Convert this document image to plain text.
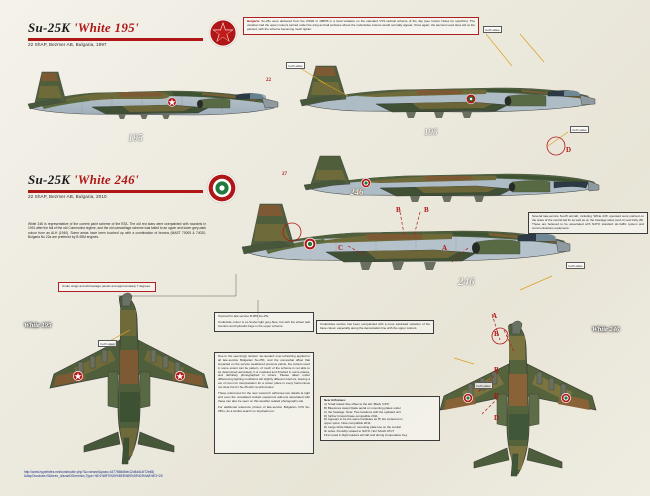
Su-25K 'White 195'
22 ShAP, Bezmer AB, Bulgaria, 1997
Bulgaria: Su-25s were delivered from the USSR in 1985/6 in a local variation on the standard VVS tactical scheme of the day (see Colour Notes for specifics). The variation had the upper colours carried under the wing and tail surfaces where the undersides colours would normally appear. Once again, the element used does tell us the painted, with the scheme becoming much lighter.
195
195
Su-25K 'White 246'
22 ShAP, Bezmer AB, Bulgaria, 2010
White 246 is representative of the current paint scheme of the BTA. The old red stars were overpainted with roundels in 1991 after the fall of the old Communist regime, and the old camouflage scheme was failed to an upper and lower grey-dark colour from an ALH (1940). Some areas have been touched up with a combination of browns (MAST 70005 & 74020, Bulgaria No 22a are preferred by B-95M engines.
246
246
White 195
White 246
both sides
both sides
both sides
both sides
both sides
both sides
22
27
D
B	B
C	A
A
B
B
D
D
Several late-service Su-25 aircraft, including 'White 246' operated were painted on the sides of the central tail fin as well as on the fuselage sides (at A-C) and belly (B). These are believed to be associated with NATO standard air-traffic system and communications equipment.
Under wings and aft fuselage panels and approximately 7 degrees.
Topcoat for late service B-95S Su-25s
Underside colour is ex-Soviet light grey-blue, but with the wheel well interiors and hydraulic bays in the upper scheme.	Undersides section has been overpainted with a more saturated variation of the base colour, especially along the demarcation line with the upper colours.
Due to the seemingly random 'as-needed' over-refreshing applied to all late-service Bulgarian Su-25K, and the somewhat offset that impacted on the service weathered previous paints, the colours used in some extent can be pattern, of much of the scheme is not able to be determined accurately. It is modeled and finished in some places, and definitely photographed in others. Please taken under differencing lighting conditions left slightly different interiors, leaving a set of room for interpretation for a colour place in every harmonious not clear but for Su-25 with records below.
These references for the new 'exteriors' airframes two details at right and even the unrealised cockpit equipment add-ons associated with these can also be seen on this weather-related photographs site.
For additional reference photos of late-service Bulgarian VVS Su-25Ks, do a similar search on skydreds.net.
New Airframes:
A) Small raised dive offset to the left. Black 'GPS'
B) Bluetones swept blade aerial on mounting plates under
C) the fuselage. Note: Two locations with the updated unit
D) further forward base-compatible 2011.
D) Appears to be the same hardware as 'B' but centered on
upper spine. Note compatible 2011.
D) Large white blade-on mounting plate low on the central
fin sides. Possibly related to NATO / EU SAHO ATC?
First noted in flight loaders aircraft and during Cooperative Key
http://www.hyperbites.net/constructie.php?&c=search&pass=4477668d5eb12d4dd14f72e65|
&dispOcculose=5&forex_4/azadOGenerics,Type=%D1%8F3%25%8E8%89%28%25%A8%E3+25
